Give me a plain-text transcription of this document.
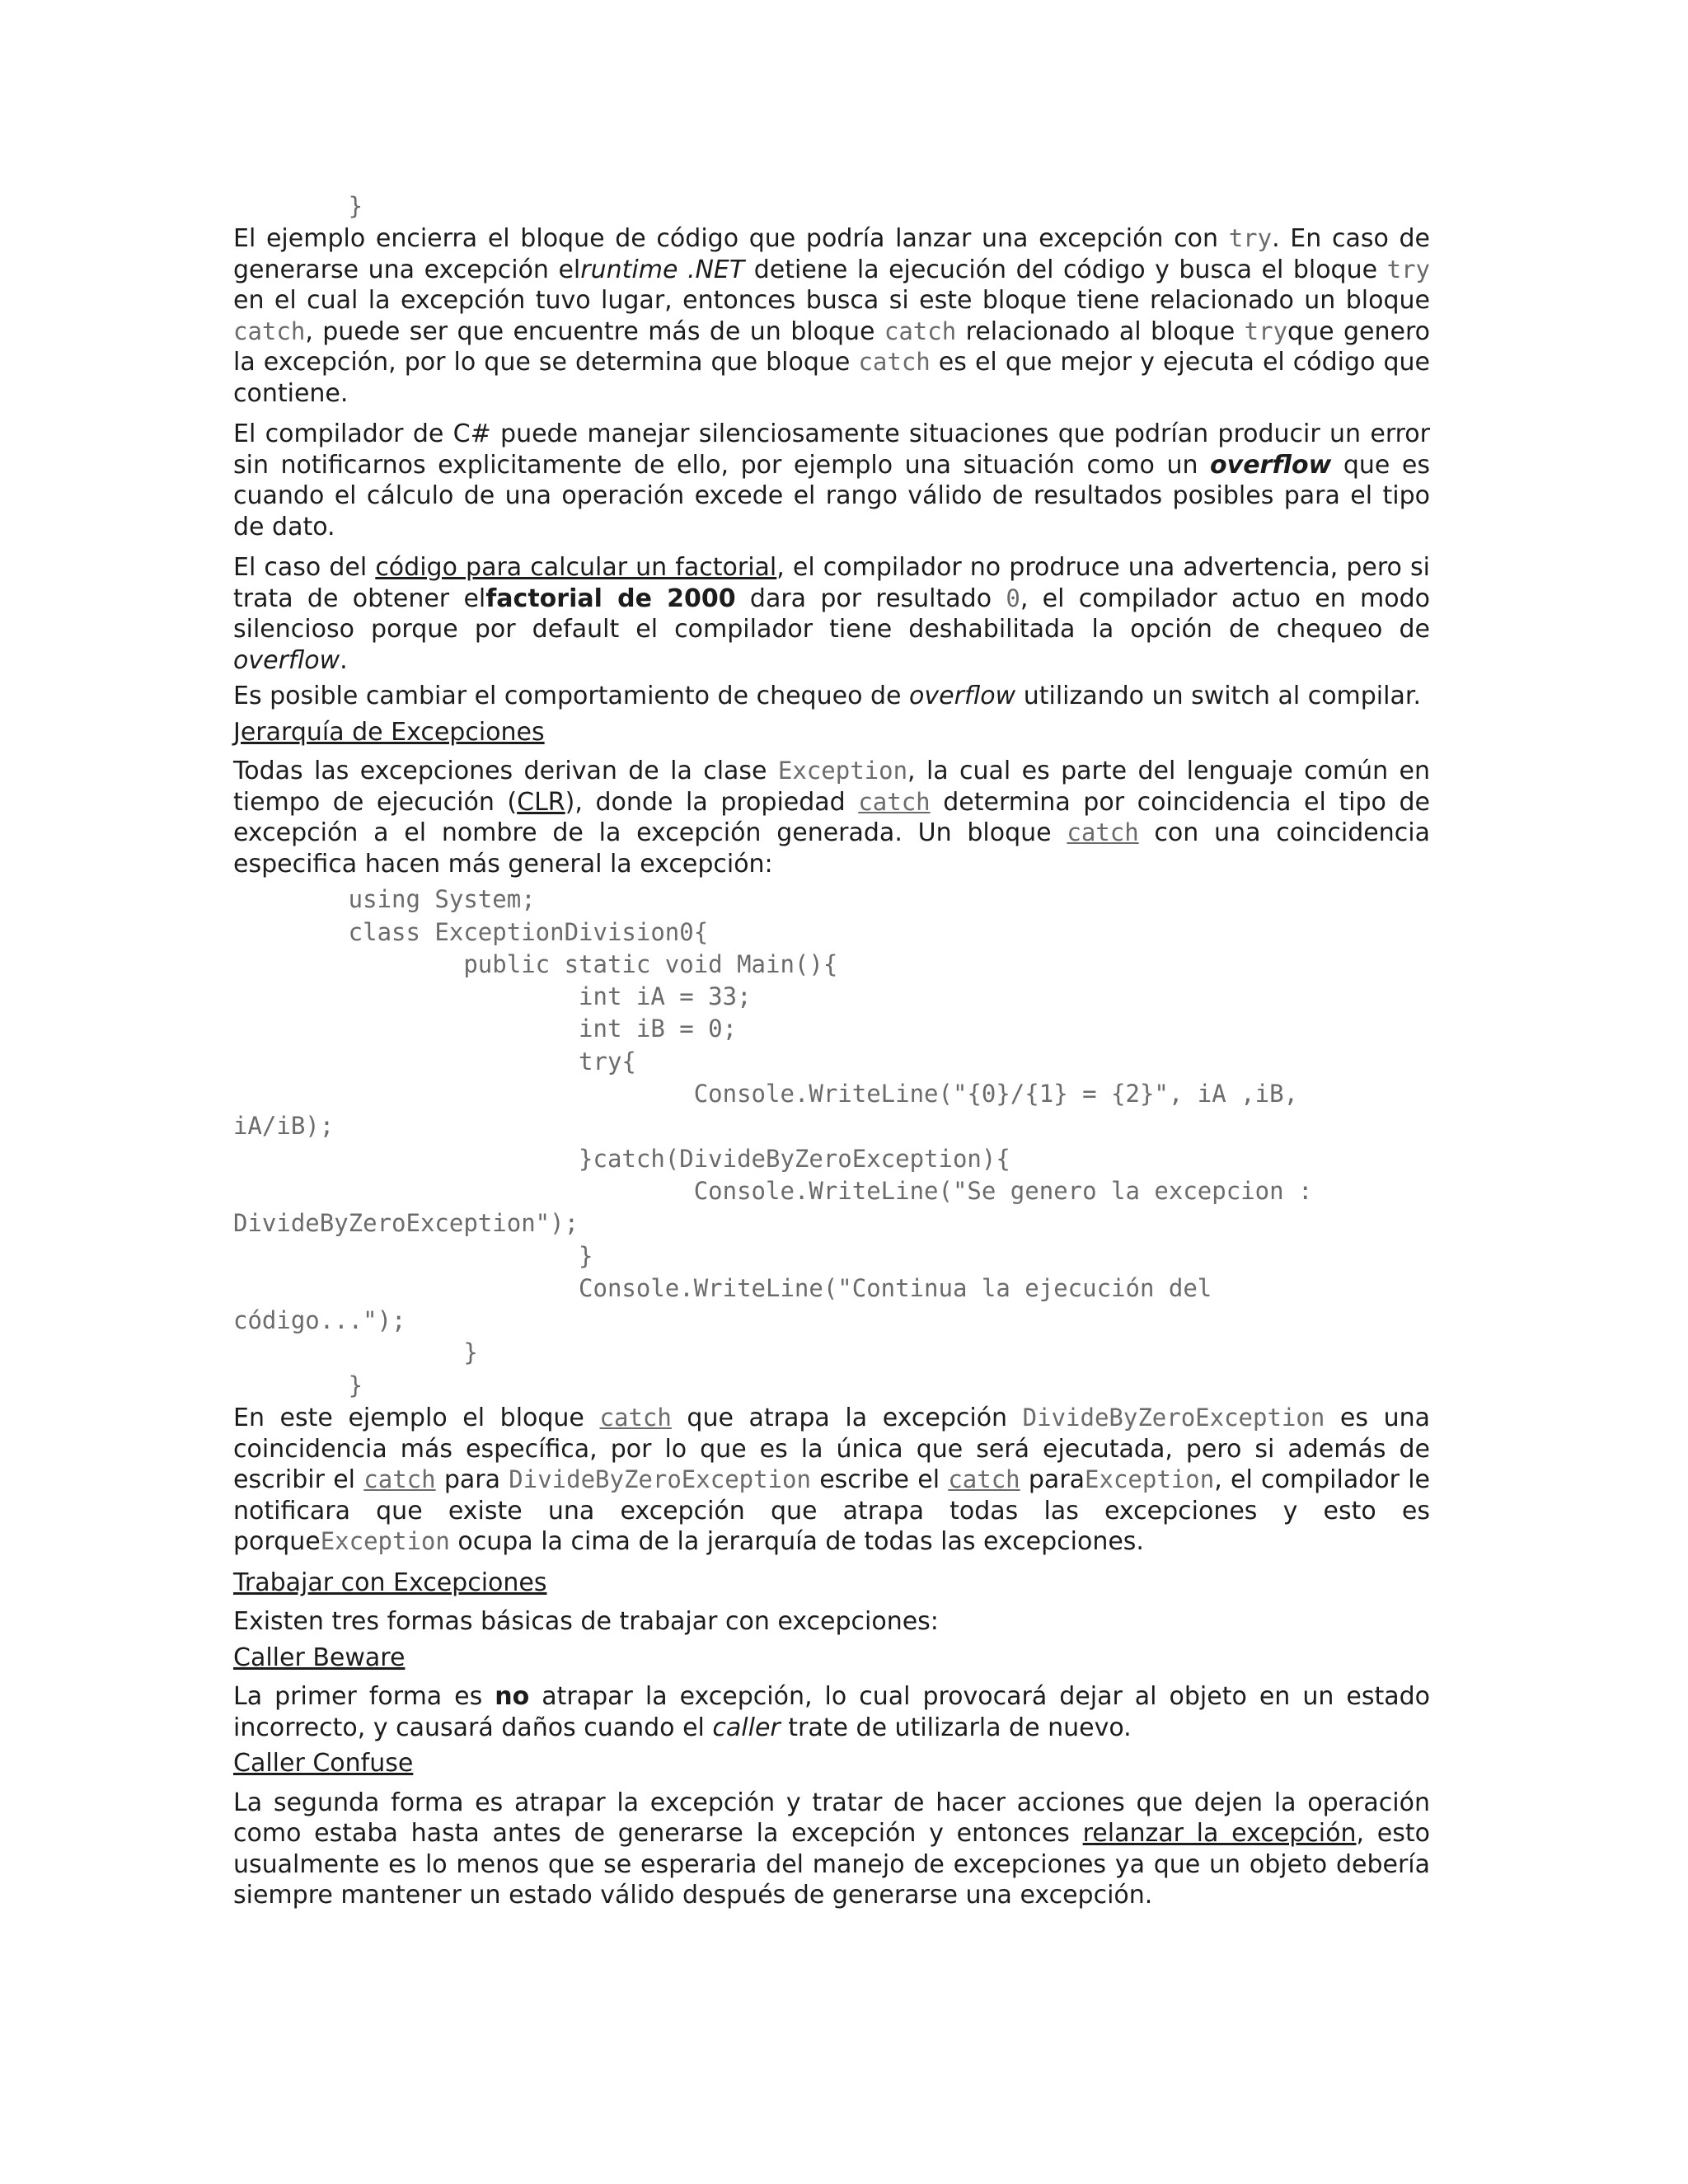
}

El ejemplo encierra el bloque de código que podría lanzar una excepción con try. En caso de generarse una excepción elruntime .NET detiene la ejecución del código y busca el bloque try en el cual la excepción tuvo lugar, entonces busca si este bloque tiene relacionado un bloque catch, puede ser que encuentre más de un bloque catch relacionado al bloque tryque genero la excepción, por lo que se determina que bloque catch es el que mejor y ejecuta el código que contiene.

El compilador de C# puede manejar silenciosamente situaciones que podrían producir un error sin notificarnos explicitamente de ello, por ejemplo una situación como un overflow que es cuando el cálculo de una operación excede el rango válido de resultados posibles para el tipo de dato.

El caso del código para calcular un factorial, el compilador no prodruce una advertencia, pero si trata de obtener elfactorial de 2000 dara por resultado 0, el compilador actuo en modo silencioso porque por default el compilador tiene deshabilitada la opción de chequeo de overflow.

Es posible cambiar el comportamiento de chequeo de overflow utilizando un switch al compilar.

Jerarquía de Excepciones

Todas las excepciones derivan de la clase Exception, la cual es parte del lenguaje común en tiempo de ejecución (CLR), donde la propiedad catch determina por coincidencia el tipo de excepción a el nombre de la excepción generada. Un bloque catch con una coincidencia especifica hacen más general la excepción:

using System;
class ExceptionDivision0{
public static void Main(){
int iA = 33;
int iB = 0;
try{
Console.WriteLine("{0}/{1} = {2}", iA ,iB,
iA/iB);
}catch(DivideByZeroException){
Console.WriteLine("Se genero la excepcion :
DivideByZeroException");
}
Console.WriteLine("Continua la ejecución del
código...");
}
}

En este ejemplo el bloque catch que atrapa la excepción DivideByZeroException es una coincidencia más específica, por lo que es la única que será ejecutada, pero si además de escribir el catch para DivideByZeroException escribe el catch paraException, el compilador le notificara que existe una excepción que atrapa todas las excepciones y esto es porqueException ocupa la cima de la jerarquía de todas las excepciones.

Trabajar con Excepciones

Existen tres formas básicas de trabajar con excepciones:

Caller Beware

La primer forma es no atrapar la excepción, lo cual provocará dejar al objeto en un estado incorrecto, y causará daños cuando el caller trate de utilizarla de nuevo.

Caller Confuse

La segunda forma es atrapar la excepción y tratar de hacer acciones que dejen la operación como estaba hasta antes de generarse la excepción y entonces relanzar la excepción, esto usualmente es lo menos que se esperaria del manejo de excepciones ya que un objeto debería siempre mantener un estado válido después de generarse una excepción.
